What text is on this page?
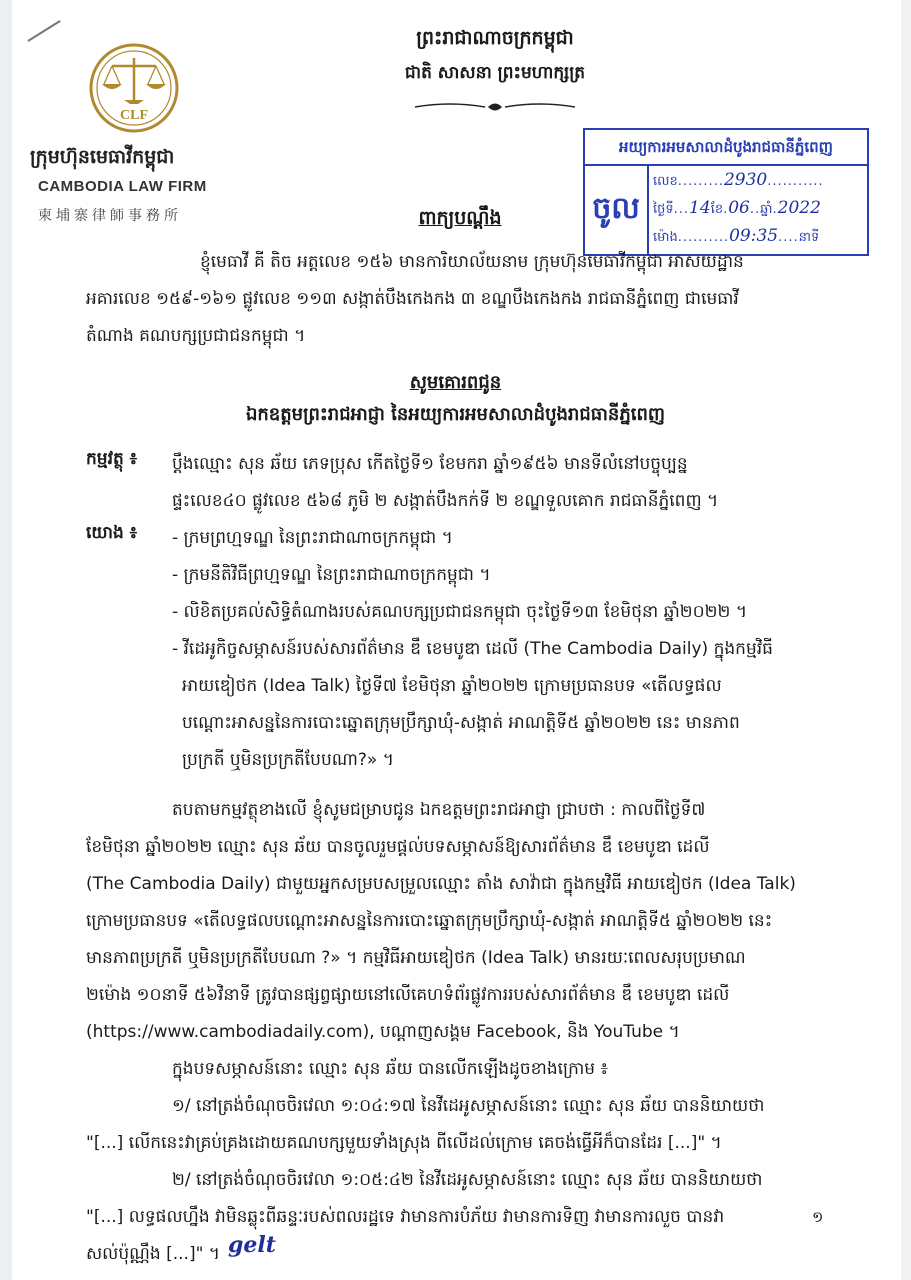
ព្រះរាជាណាចក្រកម្ពុជា
ជាតិ សាសនា ព្រះមហាក្សត្រ
CLF
ក្រុមហ៊ុនមេធាវីកម្ពុជា
CAMBODIA LAW FIRM
柬埔寨律師事務所
អយ្យការអមសាលាដំបូងរាជធានីភ្នំពេញ
ចូល
លេខ.........2930...........
ថ្ងៃទី...14ខែ.06..ឆ្នាំ.2022
ម៉ោង..........09:35....នាទី
ពាក្យបណ្តឹង
ខ្ញុំមេធាវី គី តិច អត្តលេខ ១៥៦ មានការិយាល័យនាម ក្រុមហ៊ុនមេធាវីកម្ពុជា អាសយដ្ឋាន
អគារលេខ ១៥៩-១៦១ ផ្លូវលេខ ១១៣ សង្កាត់បឹងកេងកង ៣ ខណ្ឌបឹងកេងកង រាជធានីភ្នំពេញ ជាមេធាវី
តំណាង គណបក្សប្រជាជនកម្ពុជា ។
សូមគោរពជូន
ឯកឧត្តមព្រះរាជអាជ្ញា នៃអយ្យការអមសាលាដំបូងរាជធានីភ្នំពេញ
កម្មវត្ថុ ៖ ប្ដឹងឈ្មោះ សុន ឆ័យ ភេទប្រុស កើតថ្ងៃទី១ ខែមករា ឆ្នាំ១៩៥៦ មានទីលំនៅបច្ចុប្បន្ន
ផ្ទះលេខ៤០ ផ្លូវលេខ ៥៦៨ ភូមិ ២ សង្កាត់បឹងកក់ទី ២ ខណ្ឌទួលគោក រាជធានីភ្នំពេញ ។
យោង ៖ - ក្រមព្រហ្មទណ្ឌ នៃព្រះរាជាណាចក្រកម្ពុជា ។
- ក្រមនីតិវិធីព្រហ្មទណ្ឌ នៃព្រះរាជាណាចក្រកម្ពុជា ។
- លិខិតប្រគល់សិទ្ធិតំណាងរបស់គណបក្សប្រជាជនកម្ពុជា ចុះថ្ងៃទី១៣ ខែមិថុនា ឆ្នាំ២០២២ ។
- វីដេអូកិច្ចសម្ភាសន៍របស់សារព័ត៌មាន ឌឹ ខេមបូឌា ដេលី (The Cambodia Daily) ក្នុងកម្មវិធី
អាយឌៀថក (Idea Talk) ថ្ងៃទី៧ ខែមិថុនា ឆ្នាំ២០២២ ក្រោមប្រធានបទ «តើលទ្ធផល
បណ្ដោះអាសន្ននៃការបោះឆ្នោតក្រុមប្រឹក្សាឃុំ-សង្កាត់ អាណត្តិទី៥ ឆ្នាំ២០២២ នេះ មានភាព
ប្រក្រតី ឬមិនប្រក្រតីបែបណា?» ។
តបតាមកម្មវត្ថុខាងលើ ខ្ញុំសូមជម្រាបជូន ឯកឧត្តមព្រះរាជអាជ្ញា ជ្រាបថា : កាលពីថ្ងៃទី៧
ខែមិថុនា ឆ្នាំ២០២២ ឈ្មោះ សុន ឆ័យ បានចូលរួមផ្តល់បទសម្ភាសន៍ឱ្យសារព័ត៌មាន ឌឹ ខេមបូឌា ដេលី
(The Cambodia Daily) ជាមួយអ្នកសម្របសម្រួលឈ្មោះ តាំង សាវ៉ាជា ក្នុងកម្មវិធី អាយឌៀថក (Idea Talk)
ក្រោមប្រធានបទ «តើលទ្ធផលបណ្ដោះអាសន្ននៃការបោះឆ្នោតក្រុមប្រឹក្សាឃុំ-សង្កាត់ អាណត្តិទី៥ ឆ្នាំ២០២២ នេះ
មានភាពប្រក្រតី ឬមិនប្រក្រតីបែបណា ?» ។ កម្មវិធីអាយឌៀថក (Idea Talk) មានរយៈពេលសរុបប្រមាណ
២ម៉ោង ១០នាទី ៥៦វិនាទី ត្រូវបានផ្សព្វផ្សាយនៅលើគេហទំព័រផ្លូវការរបស់សារព័ត៌មាន ឌឹ ខេមបូឌា ដេលី
(https://www.cambodiadaily.com), បណ្ដាញសង្គម Facebook, និង YouTube ។
ក្នុងបទសម្ភាសន៍នោះ ឈ្មោះ សុន ឆ័យ បានលើកឡើងដូចខាងក្រោម ៖
១/ នៅត្រង់ចំណុចចិរវេលា ១:០៤:១៧ នៃវីដេអូសម្ភាសន៍នោះ ឈ្មោះ សុន ឆ័យ បាននិយាយថា
"[...] លើកនេះវាគ្រប់គ្រងដោយគណបក្សមួយទាំងស្រុង ពីលើដល់ក្រោម គេចង់ធ្វើអីក៏បានដែរ [...]" ។
២/ នៅត្រង់ចំណុចចិរវេលា ១:០៥:៤២ នៃវីដេអូសម្ភាសន៍នោះ ឈ្មោះ សុន ឆ័យ បាននិយាយថា
"[...] លទ្ធផលហ្នឹង វាមិនឆ្លុះពីឆន្ទៈរបស់ពលរដ្ឋទេ វាមានការបំភ័យ វាមានការទិញ វាមានការលួច បានវា
សល់ប៉ុណ្ណឹង [...]" ។ gelt
១
